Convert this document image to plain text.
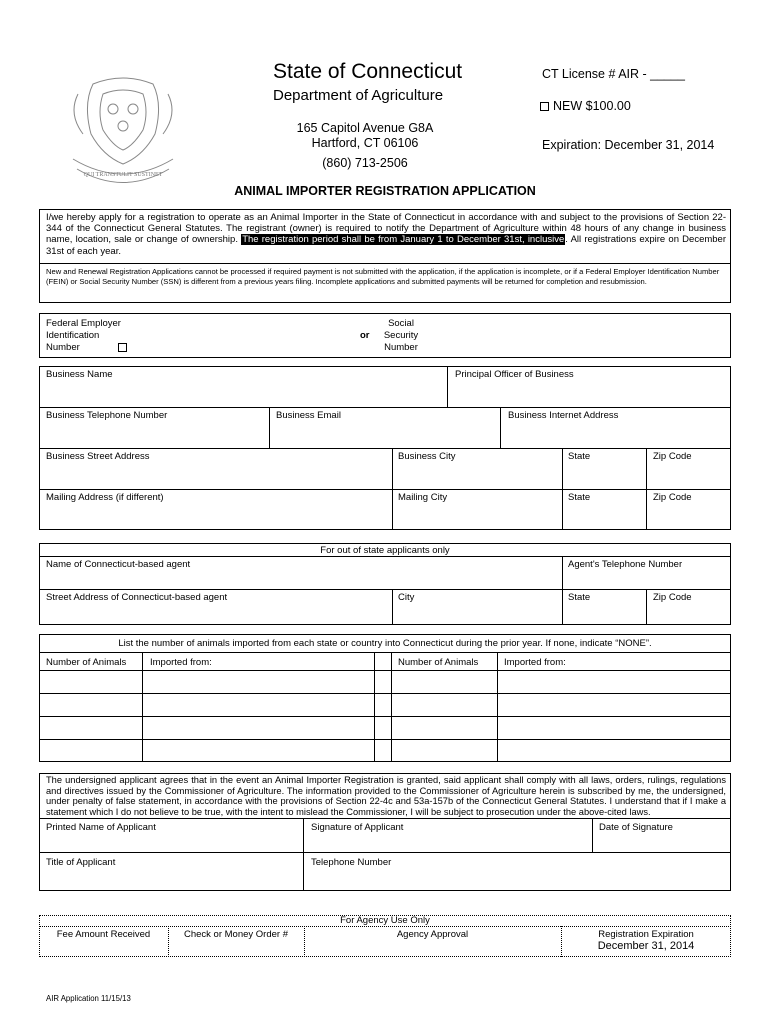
QUI TRANSTULIT SUSTINET
State of Connecticut
Department of Agriculture
165 Capitol Avenue G8A
Hartford, CT 06106
(860) 713-2506
CT License # AIR - _____
NEW $100.00
Expiration: December 31, 2014
ANIMAL IMPORTER REGISTRATION APPLICATION
I/we hereby apply for a registration to operate as an Animal Importer in the State of Connecticut in accordance with and subject to the provisions of Section 22-344 of the Connecticut General Statutes. The registrant (owner) is required to notify the Department of Agriculture within 48 hours of any change in business name, location, sale or change of ownership. The registration period shall be from January 1 to December 31st, inclusive. All registrations expire on December 31st of each year.
New and Renewal Registration Applications cannot be processed if required payment is not submitted with the application, if the application is incomplete, or if a Federal Employer Identification Number (FEIN) or Social Security Number (SSN) is different from a previous years filing. Incomplete applications and submitted payments will be returned for completion and resubmission.
Federal Employer
Identification
Number
or
Social
Security
Number
Business Name	Principal Officer of Business
Business Telephone Number	Business Email	Business Internet Address
Business Street Address	Business City	State	Zip Code
Mailing Address (if different)	Mailing City	State	Zip Code
For out of state applicants only
Name of Connecticut-based agent	Agent's Telephone Number
Street Address of Connecticut-based agent	City	State	Zip Code
List the number of animals imported from each state or country into Connecticut during the prior year. If none, indicate “NONE”.
Number of Animals Imported from:	Number of Animals	Imported from:
The undersigned applicant agrees that in the event an Animal Importer Registration is granted, said applicant shall comply with all laws, orders, rulings, regulations and directives issued by the Commissioner of Agriculture. The information provided to the Commissioner of Agriculture herein is subscribed by me, the undersigned, under penalty of false statement, in accordance with the provisions of Section 22-4c and 53a-157b of the Connecticut General Statutes. I understand that if I make a statement which I do not believe to be true, with the intent to mislead the Commissioner, I will be subject to prosecution under the above-cited laws.
Printed Name of Applicant	Signature of Applicant	Date of Signature
Title of Applicant	Telephone Number
For Agency Use Only
Fee Amount Received	Check or Money Order #	Agency Approval	Registration Expiration
December 31, 2014
AIR Application 11/15/13
